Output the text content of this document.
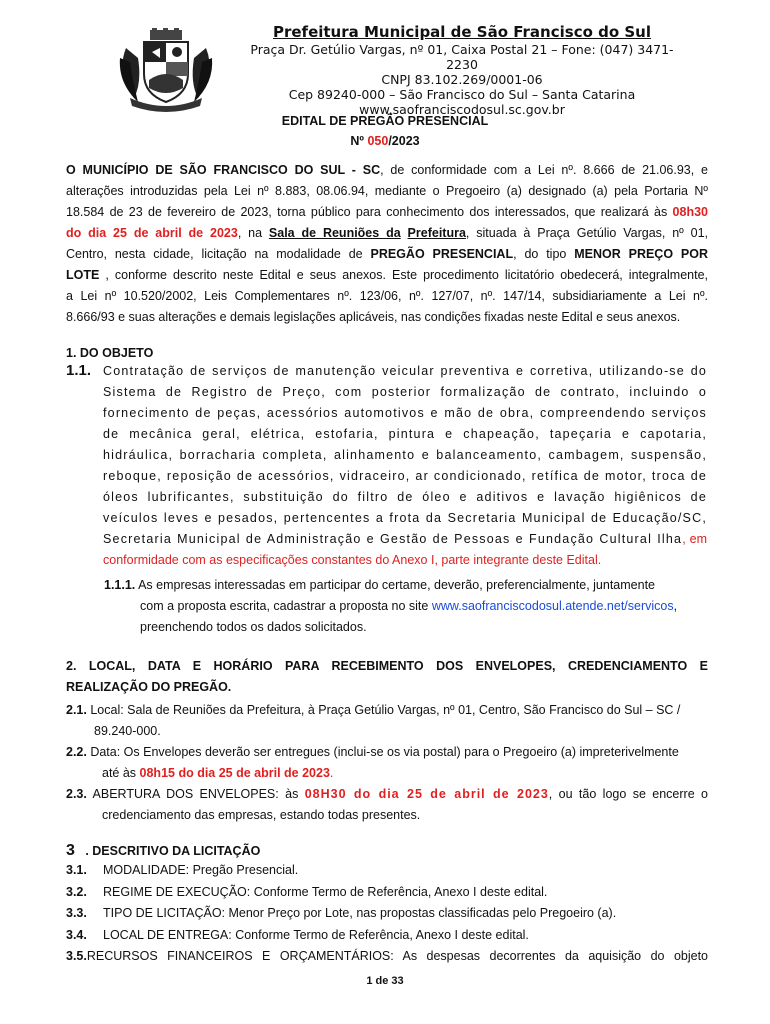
Prefeitura Municipal de São Francisco do Sul
Praça Dr. Getúlio Vargas, nº 01, Caixa Postal 21 – Fone: (047) 3471-
2230
CNPJ 83.102.269/0001-06
Cep 89240-000 – São Francisco do Sul – Santa Catarina
www.saofranciscodosul.sc.gov.br
EDITAL DE PREGÃO PRESENCIAL
Nº 050/2023
O MUNICÍPIO DE SÃO FRANCISCO DO SUL - SC, de conformidade com a Lei nº. 8.666 de 21.06.93, e
alterações introduzidas pela Lei nº 8.883, 08.06.94, mediante o Pregoeiro (a) designado (a) pela Portaria Nº
18.584 de 23 de fevereiro de 2023, torna público para conhecimento dos interessados, que realizará às 08h30
do dia 25 de abril de 2023, na Sala de Reuniões da Prefeitura, situada à Praça Getúlio Vargas, nº 01,
Centro, nesta cidade, licitação na modalidade de PREGÃO PRESENCIAL, do tipo MENOR PREÇO POR
LOTE , conforme descrito neste Edital e seus anexos. Este procedimento licitatório obedecerá, integralmente,
a Lei nº 10.520/2002, Leis Complementares nº. 123/06, nº. 127/07, nº. 147/14, subsidiariamente a Lei nº.
8.666/93 e suas alterações e demais legislações aplicáveis, nas condições fixadas neste Edital e seus anexos.
1. DO OBJETO
1.1. Contratação de serviços de manutenção veicular preventiva e corretiva, utilizando-se do
Sistema de Registro de Preço, com posterior formalização de contrato, incluindo o
fornecimento de peças, acessórios automotivos e mão de obra, compreendendo serviços
de mecânica geral, elétrica, estofaria, pintura e chapeação, tapeçaria e capotaria,
hidráulica, borracharia completa, alinhamento e balanceamento, cambagem, suspensão,
reboque, reposição de acessórios, vidraceiro, ar condicionado, retífica de motor, troca de
óleos lubrificantes, substituição do filtro de óleo e aditivos e lavação higiênicos de
veículos leves e pesados, pertencentes a frota da Secretaria Municipal de Educação/SC,
Secretaria Municipal de Administração e Gestão de Pessoas e Fundação Cultural Ilha, em
conformidade com as especificações constantes do Anexo I, parte integrante deste Edital.
1.1.1. As empresas interessadas em participar do certame, deverão, preferencialmente, juntamente
com a proposta escrita, cadastrar a proposta no site www.saofranciscodosul.atende.net/servicos,
preenchendo todos os dados solicitados.
2. LOCAL, DATA E HORÁRIO PARA RECEBIMENTO DOS ENVELOPES, CREDENCIAMENTO E
REALIZAÇÃO DO PREGÃO.
2.1. Local: Sala de Reuniões da Prefeitura, à Praça Getúlio Vargas, nº 01, Centro, São Francisco do Sul – SC /
89.240-000.
2.2. Data: Os Envelopes deverão ser entregues (inclui-se os via postal) para o Pregoeiro (a) impreterivelmente
até às 08h15 do dia 25 de abril de 2023.
2.3. ABERTURA DOS ENVELOPES: às 08H30 do dia 25 de abril de 2023, ou tão logo se encerre o
credenciamento das empresas, estando todas presentes.
3   . DESCRITIVO DA LICITAÇÃO
3.1.	MODALIDADE: Pregão Presencial.
3.2.	REGIME DE EXECUÇÃO: Conforme Termo de Referência, Anexo I deste edital.
3.3.	TIPO DE LICITAÇÃO: Menor Preço por Lote, nas propostas classificadas pelo Pregoeiro (a).
3.4.	LOCAL DE ENTREGA: Conforme Termo de Referência, Anexo I deste edital.
3.5.RECURSOS FINANCEIROS E ORÇAMENTÁRIOS: As despesas decorrentes da aquisição do objeto
1 de 33
